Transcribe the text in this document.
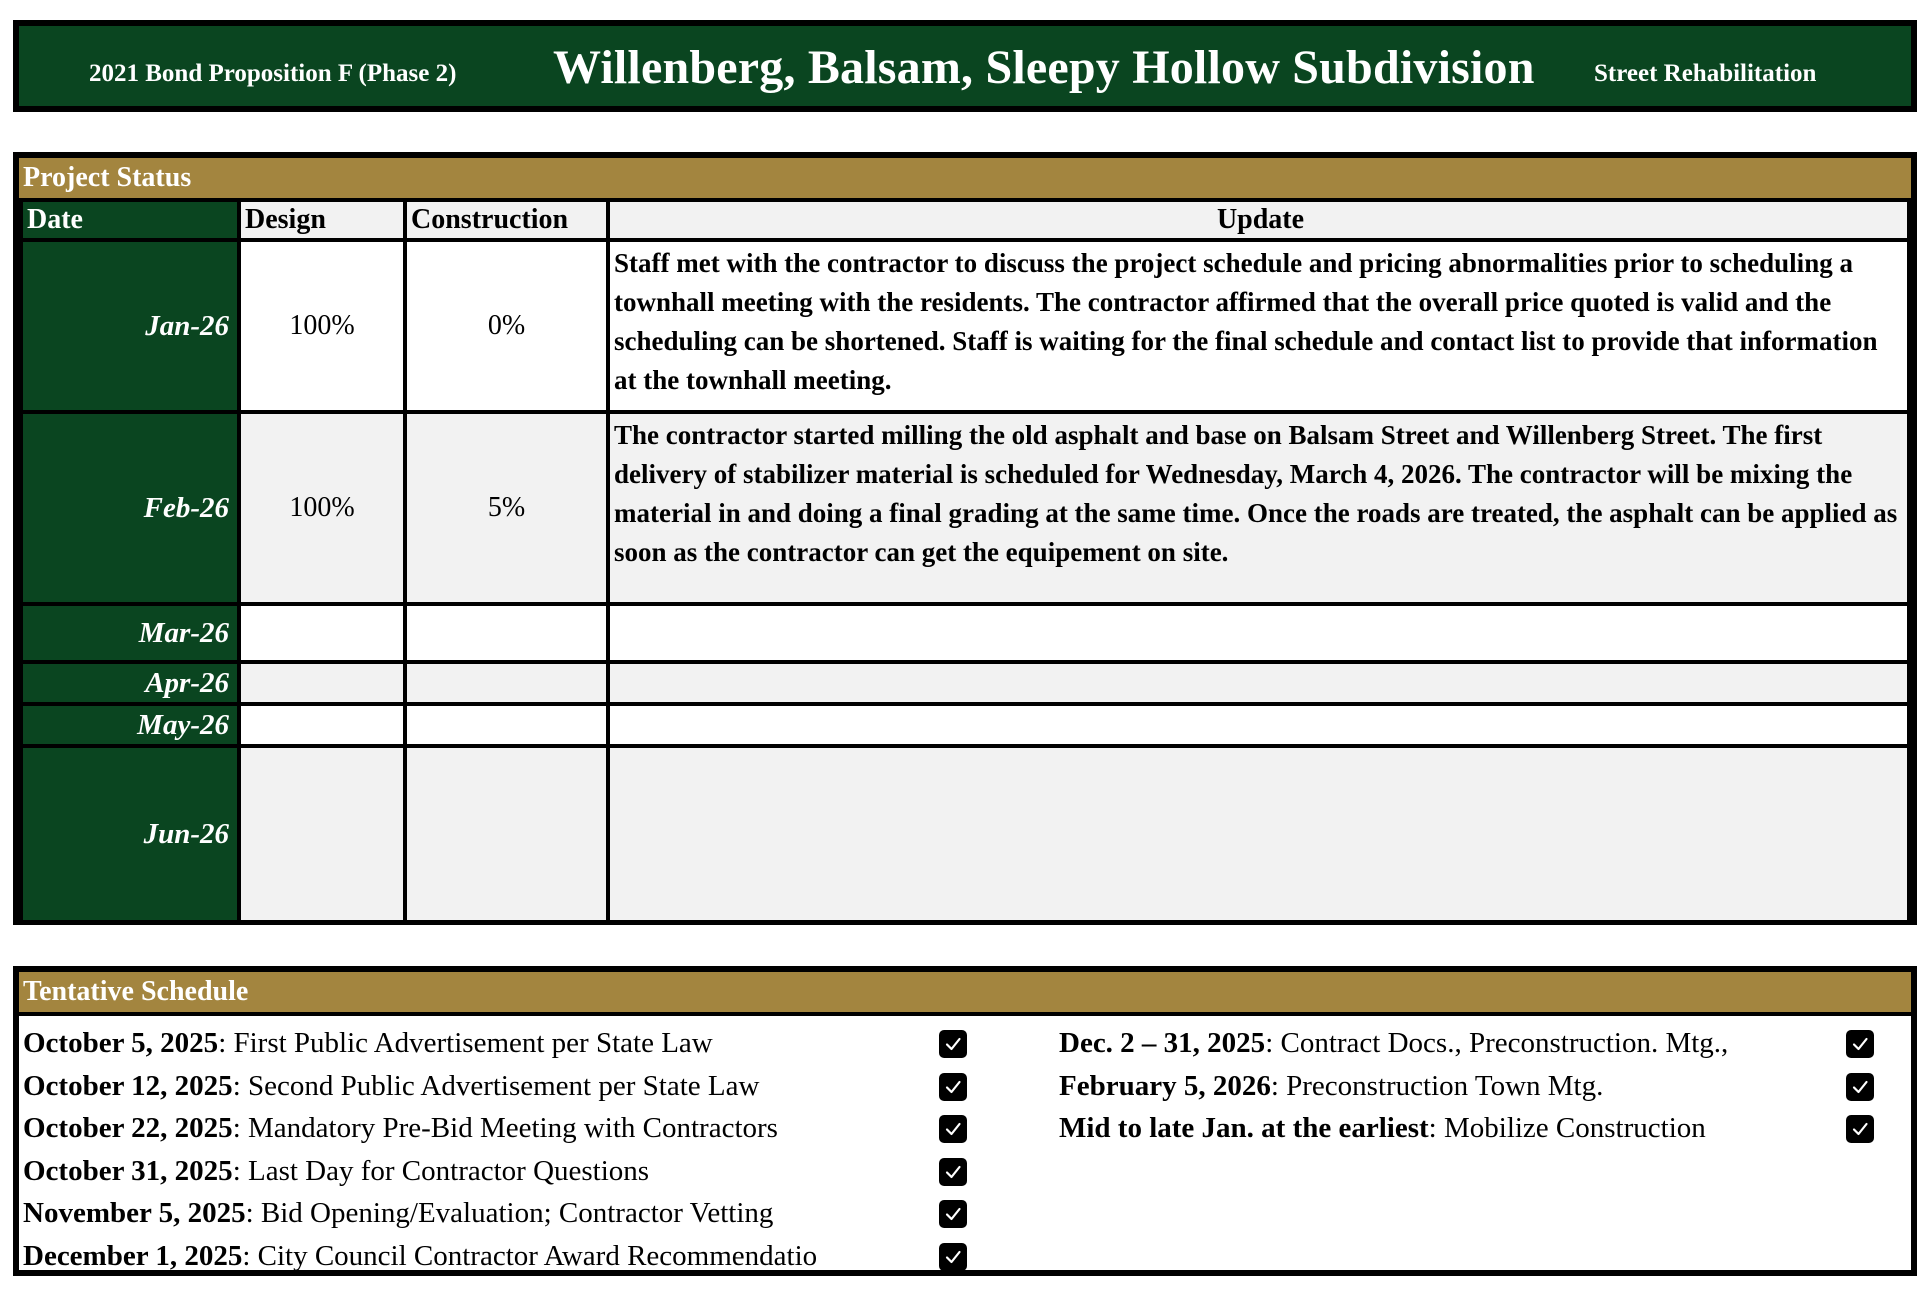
2021 Bond Proposition F (Phase 2) Willenberg, Balsam, Sleepy Hollow Subdivision Street Rehabilitation
Project Status
Date	Design	Construction	Update
Jan-26	100%	0%	Staff met with the contractor to discuss the project schedule and pricing abnormalities prior to scheduling a townhall meeting with the residents. The contractor affirmed that the overall price quoted is valid and the scheduling can be shortened. Staff is waiting for the final schedule and contact list to provide that information at the townhall meeting.
Feb-26	100%	5%	The contractor started milling the old asphalt and base on Balsam Street and Willenberg Street. The first delivery of stabilizer material is scheduled for Wednesday, March 4, 2026. The contractor will be mixing the material in and doing a final grading at the same time. Once the roads are treated, the asphalt can be applied as soon as the contractor can get the equipement on site.
Mar-26			
Apr-26			
May-26			
Jun-26			
Tentative Schedule
October 5, 2025: First Public Advertisement per State Law
October 12, 2025: Second Public Advertisement per State Law
October 22, 2025: Mandatory Pre-Bid Meeting with Contractors
October 31, 2025: Last Day for Contractor Questions
November 5, 2025: Bid Opening/Evaluation; Contractor Vetting
December 1, 2025: City Council Contractor Award Recommendatio
Dec. 2 – 31, 2025: Contract Docs., Preconstruction. Mtg.,
February 5, 2026: Preconstruction Town Mtg.
Mid to late Jan. at the earliest: Mobilize Construction
